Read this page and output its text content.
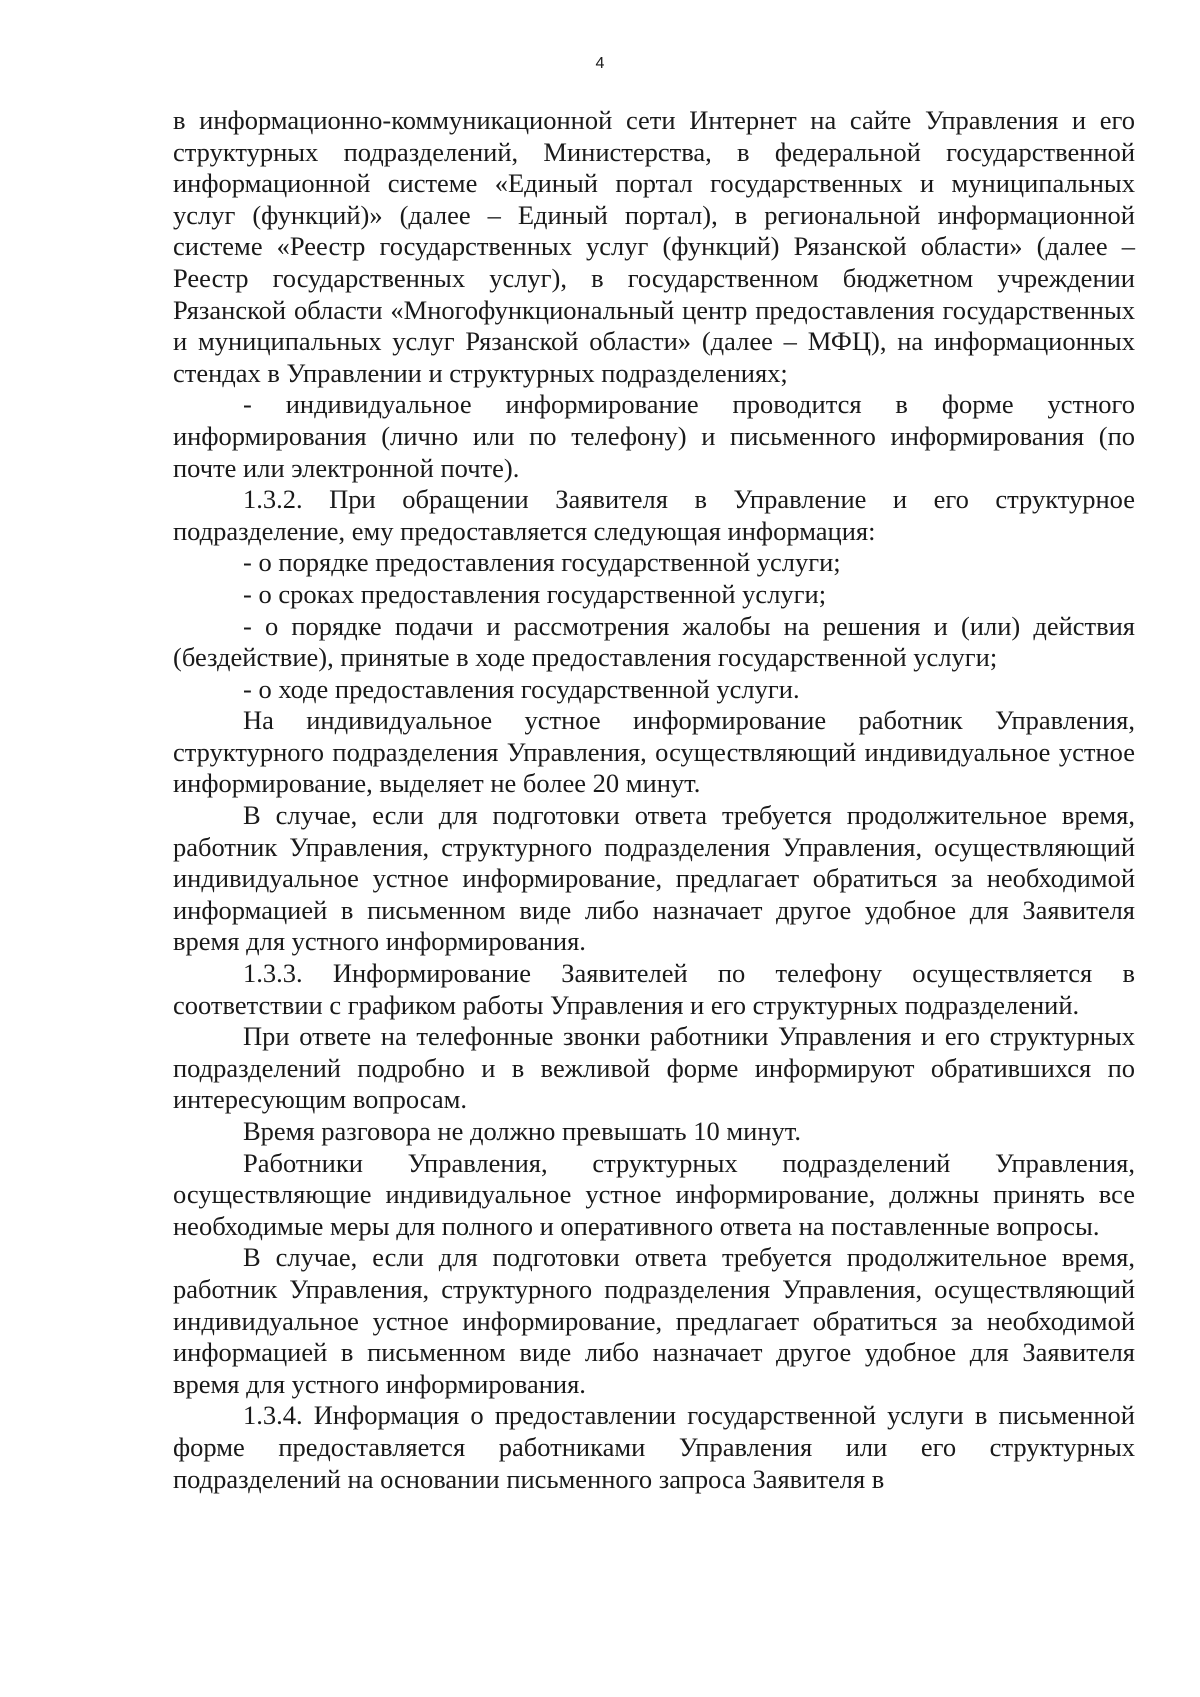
4

в информационно-коммуникационной сети Интернет на сайте Управления и его структурных подразделений, Министерства, в федеральной государственной информационной системе «Единый портал государственных и муниципальных услуг (функций)» (далее – Единый портал), в региональной информационной системе «Реестр государственных услуг (функций) Рязанской области» (далее – Реестр государственных услуг), в государственном бюджетном учреждении Рязанской области «Многофункциональный центр предоставления государственных и муниципальных услуг Рязанской области» (далее – МФЦ), на информационных стендах в Управлении и структурных подразделениях;

- индивидуальное информирование проводится в форме устного информирования (лично или по телефону) и письменного информирования (по почте или электронной почте).

1.3.2. При обращении Заявителя в Управление и его структурное подразделение, ему предоставляется следующая информация:

- о порядке предоставления государственной услуги;

- о сроках предоставления государственной услуги;

- о порядке подачи и рассмотрения жалобы на решения и (или) действия (бездействие), принятые в ходе предоставления государственной услуги;

- о ходе предоставления государственной услуги.

На индивидуальное устное информирование работник Управления, структурного подразделения Управления, осуществляющий индивидуальное устное информирование, выделяет не более 20 минут.

В случае, если для подготовки ответа требуется продолжительное время, работник Управления, структурного подразделения Управления, осуществляющий индивидуальное устное информирование, предлагает обратиться за необходимой информацией в письменном виде либо назначает другое удобное для Заявителя время для устного информирования.

1.3.3. Информирование Заявителей по телефону осуществляется в соответствии с графиком работы Управления и его структурных подразделений.

При ответе на телефонные звонки работники Управления и его структурных подразделений подробно и в вежливой форме информируют обратившихся по интересующим вопросам.

Время разговора не должно превышать 10 минут.

Работники Управления, структурных подразделений Управления, осуществляющие индивидуальное устное информирование, должны принять все необходимые меры для полного и оперативного ответа на поставленные вопросы.

В случае, если для подготовки ответа требуется продолжительное время, работник Управления, структурного подразделения Управления, осуществляющий индивидуальное устное информирование, предлагает обратиться за необходимой информацией в письменном виде либо назначает другое удобное для Заявителя время для устного информирования.

1.3.4. Информация о предоставлении государственной услуги в письменной форме предоставляется работниками Управления или его структурных подразделений на основании письменного запроса Заявителя в
